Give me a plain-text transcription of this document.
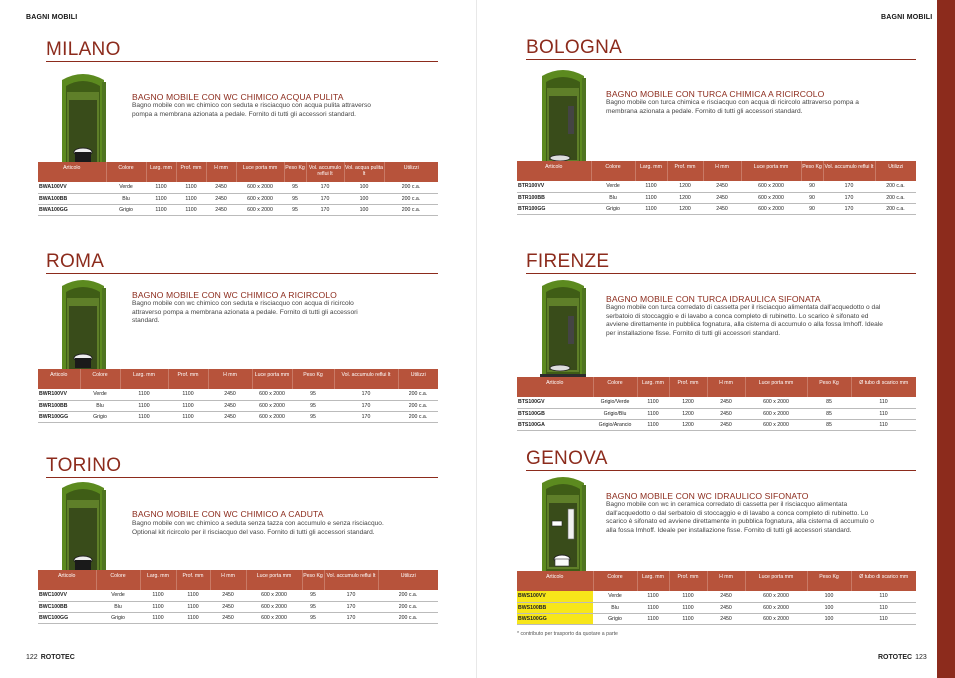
BAGNI MOBILI
MILANO
BAGNO MOBILE CON WC CHIMICO ACQUA PULITA
Bagno mobile con wc chimico con seduta e risciacquo con acqua pulita attraverso pompa a membrana azionata a pedale. Fornito di tutti gli accessori standard.
Articolo	Colore	Larg. mm	Prof. mm	H mm	Luce porta mm	Peso Kg	Vol. accumulo reflui lt	Vol. acqua pulita lt	Utilizzi
BWA100VV	Verde	1100	1100	2450	600 x 2000	95	170	100	200 c.a.
BWA100BB	Blu	1100	1100	2450	600 x 2000	95	170	100	200 c.a.
BWA100GG	Grigio	1100	1100	2450	600 x 2000	95	170	100	200 c.a.
ROMA
BAGNO MOBILE CON WC CHIMICO A RICIRCOLO
Bagno mobile con wc chimico con seduta e risciacquo con acqua di ricircolo attraverso pompa a membrana azionata a pedale. Fornito di tutti gli accessori standard.
Articolo	Colore	Larg. mm	Prof. mm	H mm	Luce porta mm	Peso Kg	Vol. accumulo reflui lt	Utilizzi
BWR100VV	Verde	1100	1100	2450	600 x 2000	95	170	200 c.a.
BWR100BB	Blu	1100	1100	2450	600 x 2000	95	170	200 c.a.
BWR100GG	Grigio	1100	1100	2450	600 x 2000	95	170	200 c.a.
TORINO
BAGNO MOBILE CON WC CHIMICO A CADUTA
Bagno mobile con wc chimico a seduta senza tazza con accumulo e senza risciacquo. Optional kit ricircolo per il risciacquo del vaso. Fornito di tutti gli accessori standard.
Articolo	Colore	Larg. mm	Prof. mm	H mm	Luce porta mm	Peso Kg	Vol. accumulo reflui lt	Utilizzi
BWC100VV	Verde	1100	1100	2450	600 x 2000	95	170	200 c.a.
BWC100BB	Blu	1100	1100	2450	600 x 2000	95	170	200 c.a.
BWC100GG	Grigio	1100	1100	2450	600 x 2000	95	170	200 c.a.
122 ROTOTEC
BAGNI MOBILI
BOLOGNA
BAGNO MOBILE CON TURCA CHIMICA A RICIRCOLO
Bagno mobile con turca chimica e risciacquo con acqua di ricircolo attraverso pompa a membrana azionata a pedale. Fornito di tutti gli accessori standard.
Articolo	Colore	Larg. mm	Prof. mm	H mm	Luce porta mm	Peso Kg	Vol. accumulo reflui lt	Utilizzi
BTR100VV	Verde	1100	1200	2450	600 x 2000	90	170	200 c.a.
BTR100BB	Blu	1100	1200	2450	600 x 2000	90	170	200 c.a.
BTR100GG	Grigio	1100	1200	2450	600 x 2000	90	170	200 c.a.
FIRENZE
BAGNO MOBILE CON TURCA IDRAULICA SIFONATA
Bagno mobile con turca corredato di cassetta per il risciacquo alimentata dall'acquedotto o dal serbatoio di stoccaggio e di lavabo a conca completo di rubinetto. Lo scarico è sifonato ed avviene direttamente in pubblica fognatura, alla cisterna di accumulo o alla fossa Imhoff. Ideale per installazione fisse. Fornito di tutti gli accessori standard.
Articolo	Colore	Larg. mm	Prof. mm	H mm	Luce porta mm	Peso Kg	Ø tubo di scarico mm
BTS100GV	Grigio/Verde	1100	1200	2450	600 x 2000	85	110
BTS100GB	Grigio/Blu	1100	1200	2450	600 x 2000	85	110
BTS100GA	Grigio/Arancio	1100	1200	2450	600 x 2000	85	110
GENOVA
BAGNO MOBILE CON WC IDRAULICO SIFONATO
Bagno mobile con wc in ceramica corredato di cassetta per il risciacquo alimentata dall'acquedotto o dal serbatoio di stoccaggio e di lavabo a conca completo di rubinetto. Lo scarico è sifonato ed avviene direttamente in pubblica fognatura, alla cisterna di accumulo o alla fossa Imhoff. Ideale per installazione fisse. Fornito di tutti gli accessori standard.
Articolo	Colore	Larg. mm	Prof. mm	H mm	Luce porta mm	Peso Kg	Ø tubo di scarico mm
BWS100VV	Verde	1100	1100	2450	600 x 2000	100	110
BWS100BB	Blu	1100	1100	2450	600 x 2000	100	110
BWS100GG	Grigio	1100	1100	2450	600 x 2000	100	110
* contributo per trasporto da quotare a parte
ROTOTEC 123
